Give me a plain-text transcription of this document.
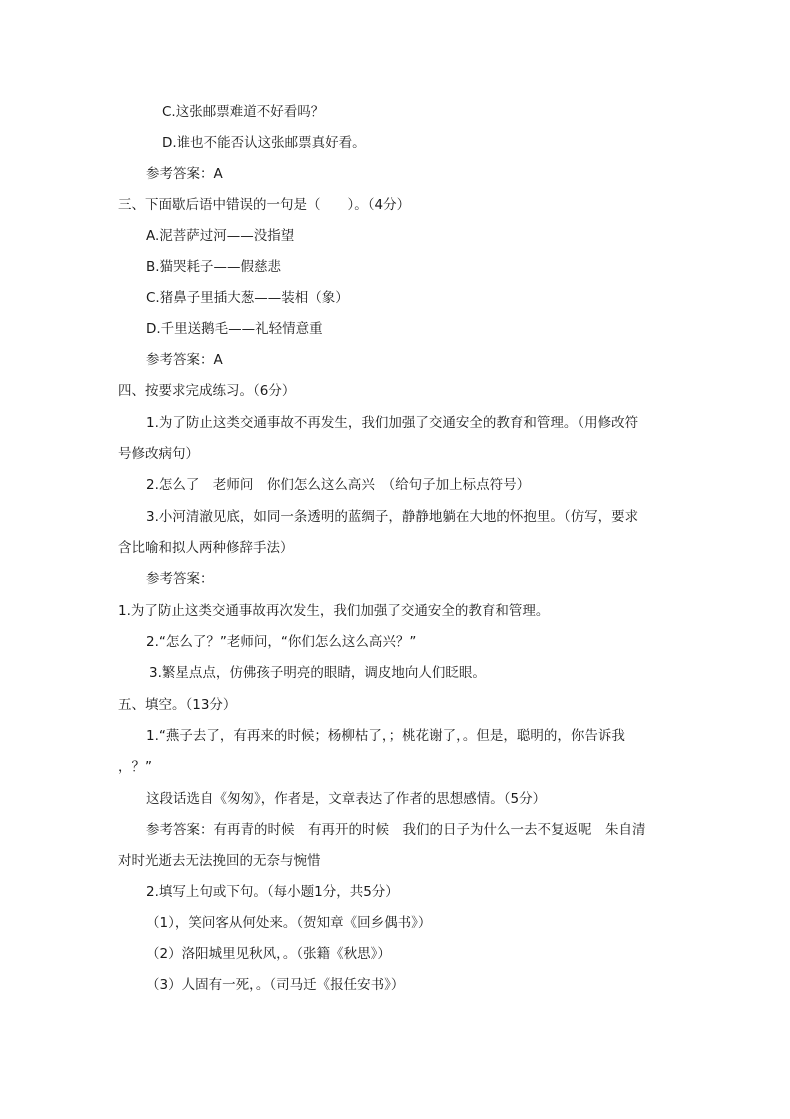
C.这张邮票难道不好看吗？
D.谁也不能否认这张邮票真好看。
参考答案：A
三、下面歇后语中错误的一句是（　　）。（4分）
A.泥菩萨过河——没指望
B.猫哭耗子——假慈悲
C.猪鼻子里插大葱——装相（象）
D.千里送鹅毛——礼轻情意重
参考答案：A
四、按要求完成练习。（6分）
1.为了防止这类交通事故不再发生，我们加强了交通安全的教育和管理。（用修改符
号修改病句）
2.怎么了　老师问　你们怎么这么高兴　（给句子加上标点符号）
3.小河清澈见底，如同一条透明的蓝绸子，静静地躺在大地的怀抱里。（仿写，要求
含比喻和拟人两种修辞手法）
参考答案：
1.为了防止这类交通事故再次发生，我们加强了交通安全的教育和管理。
2.“怎么了？”老师问，“你们怎么这么高兴？”
3.繁星点点，仿佛孩子明亮的眼睛，调皮地向人们眨眼。
五、填空。（13分）
1.“燕子去了，有再来的时候；杨柳枯了，；桃花谢了，。但是，聪明的，你告诉我
，？”
这段话选自《匆匆》，作者是，文章表达了作者的思想感情。（5分）
参考答案：有再青的时候　有再开的时候　我们的日子为什么一去不复返呢　朱自清
对时光逝去无法挽回的无奈与惋惜
2.填写上句或下句。（每小题1分，共5分）
（1），笑问客从何处来。（贺知章《回乡偶书》）
（2）洛阳城里见秋风，。（张籍《秋思》）
（3）人固有一死，。（司马迁《报任安书》）
